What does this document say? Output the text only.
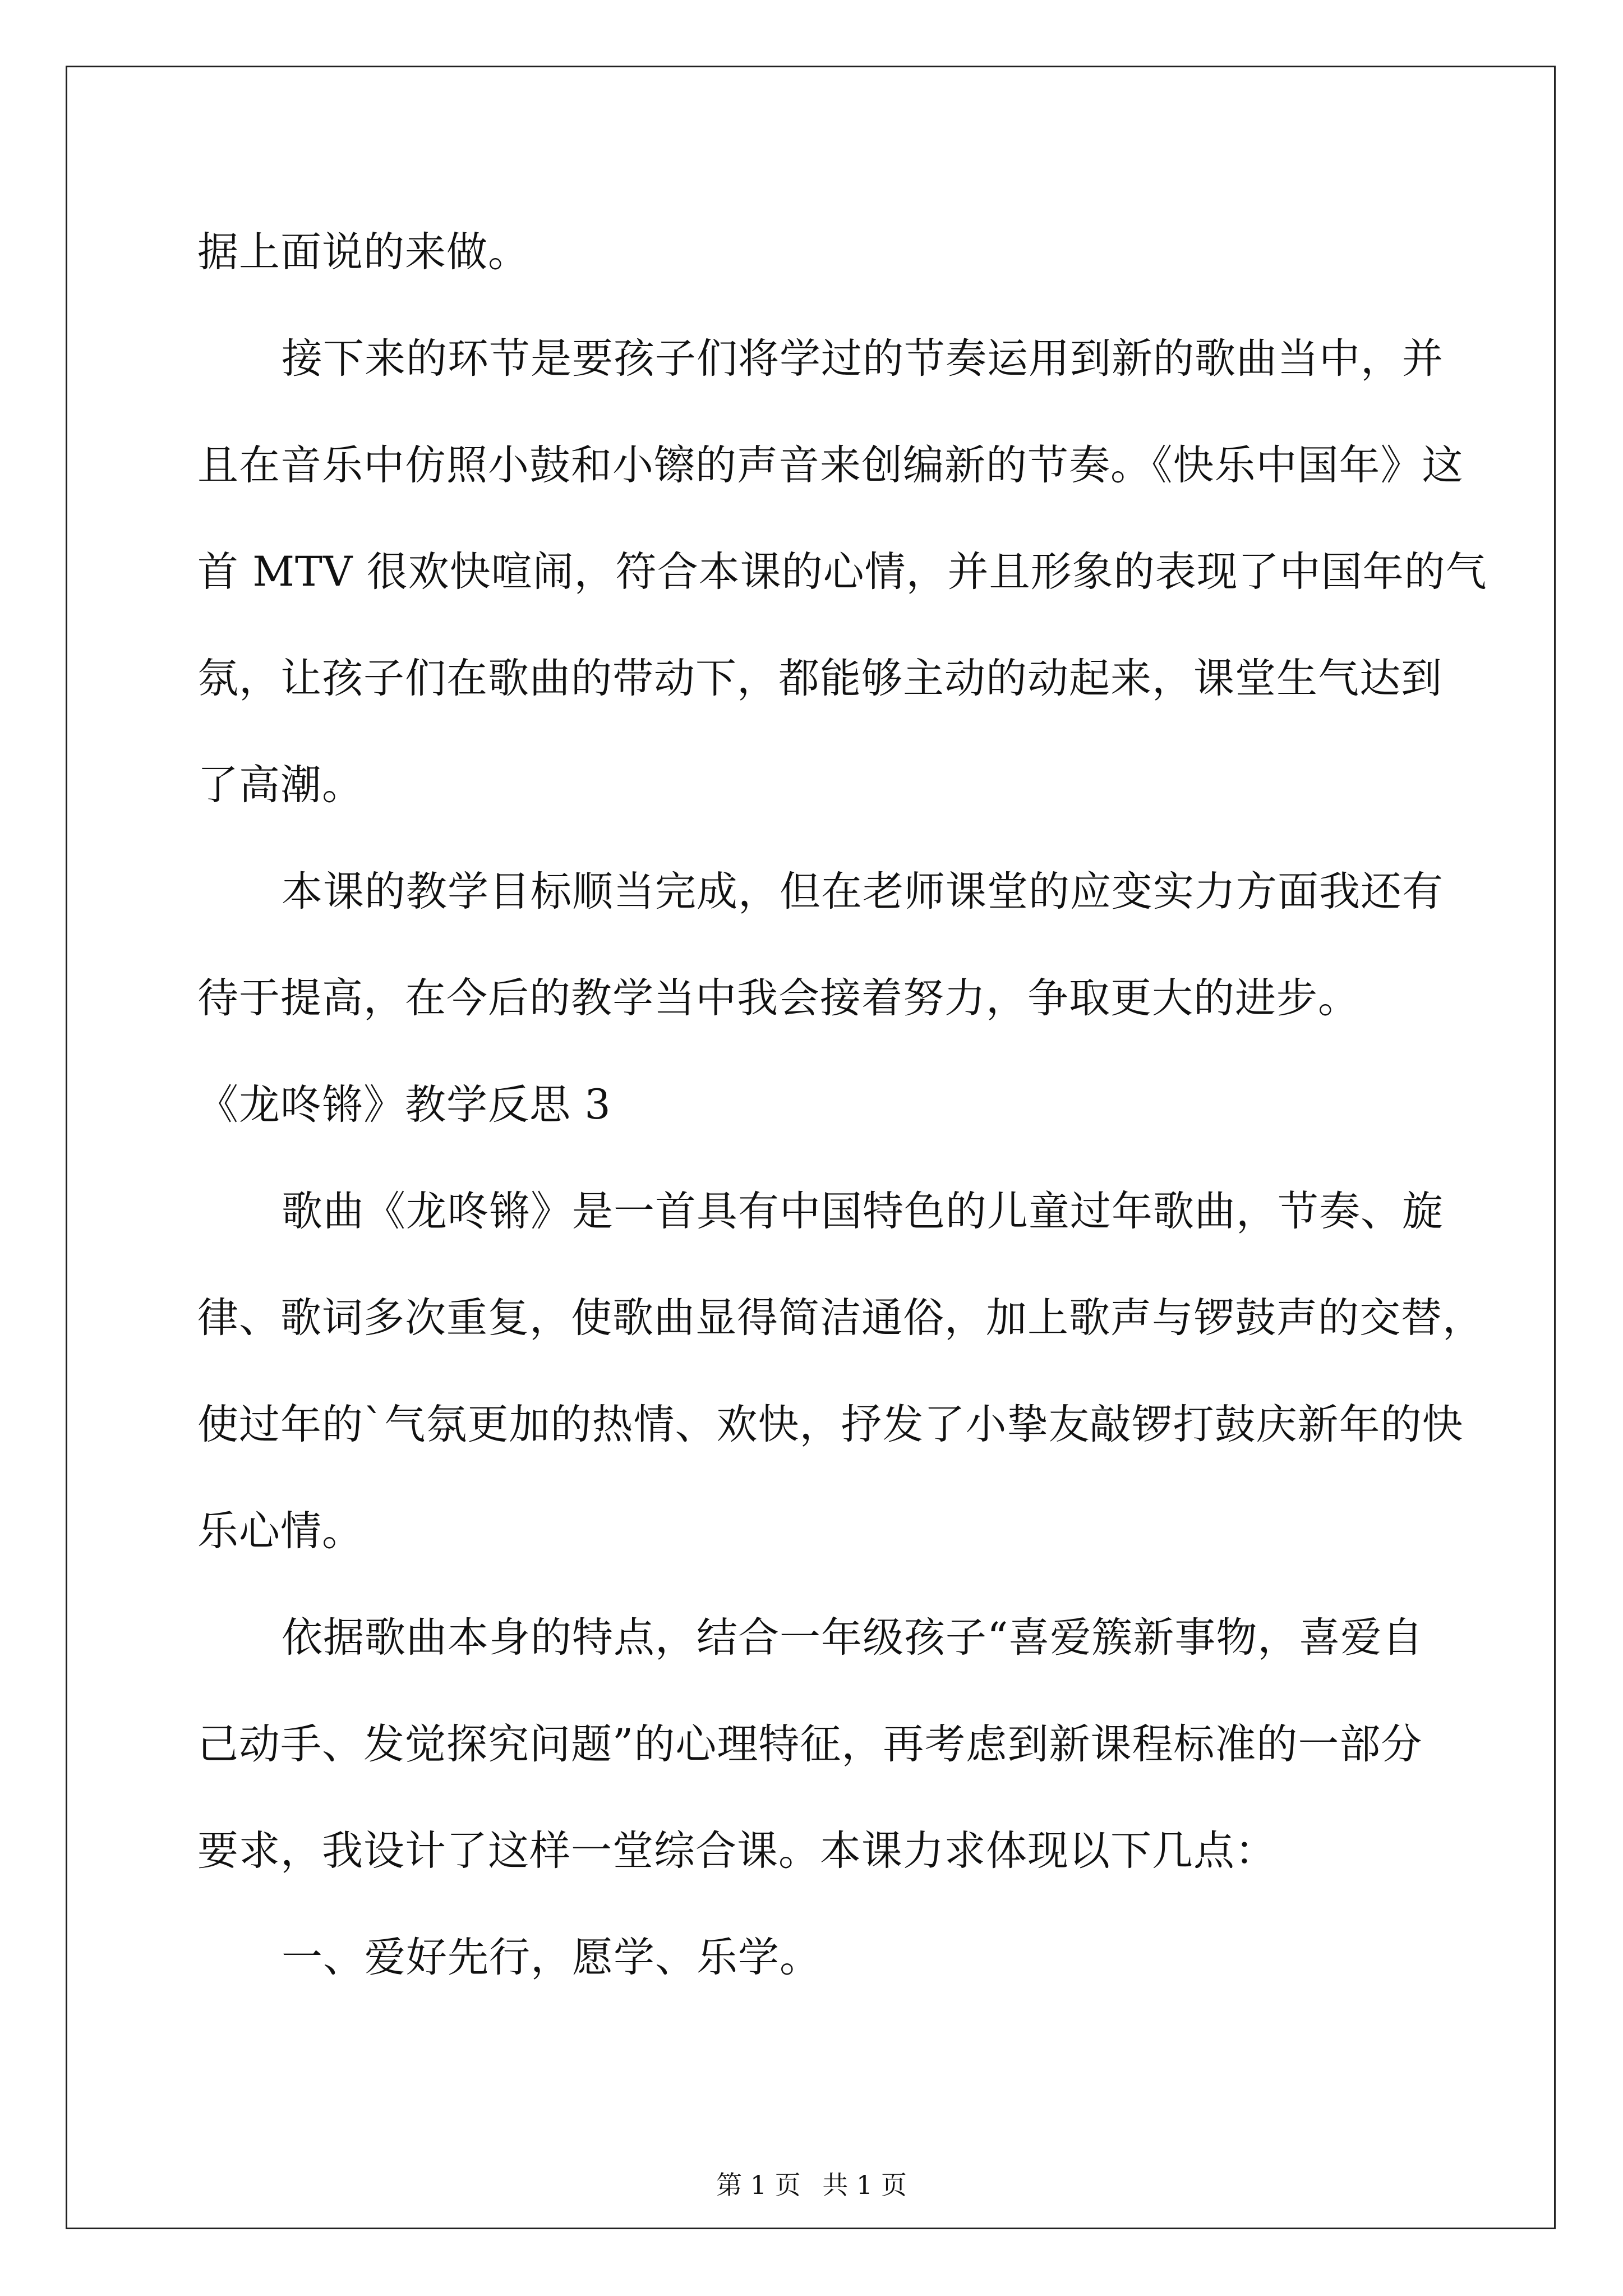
据上面说的来做。
接下来的环节是要孩子们将学过的节奏运用到新的歌曲当中，并
且在音乐中仿照小鼓和小镲的声音来创编新的节奏。《快乐中国年》这
首 MTV 很欢快喧闹，符合本课的心情，并且形象的表现了中国年的气
氛，让孩子们在歌曲的带动下，都能够主动的动起来，课堂生气达到
了高潮。
本课的教学目标顺当完成，但在老师课堂的应变实力方面我还有
待于提高，在今后的教学当中我会接着努力，争取更大的进步。
《龙咚锵》教学反思 3
歌曲《龙咚锵》是一首具有中国特色的儿童过年歌曲，节奏、旋
律、歌词多次重复，使歌曲显得简洁通俗，加上歌声与锣鼓声的交替，
使过年的`气氛更加的热情、欢快，抒发了小挚友敲锣打鼓庆新年的快
乐心情。
依据歌曲本身的特点，结合一年级孩子“喜爱簇新事物，喜爱自
己动手、发觉探究问题”的心理特征，再考虑到新课程标准的一部分
要求，我设计了这样一堂综合课。本课力求体现以下几点：
一、爱好先行，愿学、乐学。
第 1 页 共 1 页
